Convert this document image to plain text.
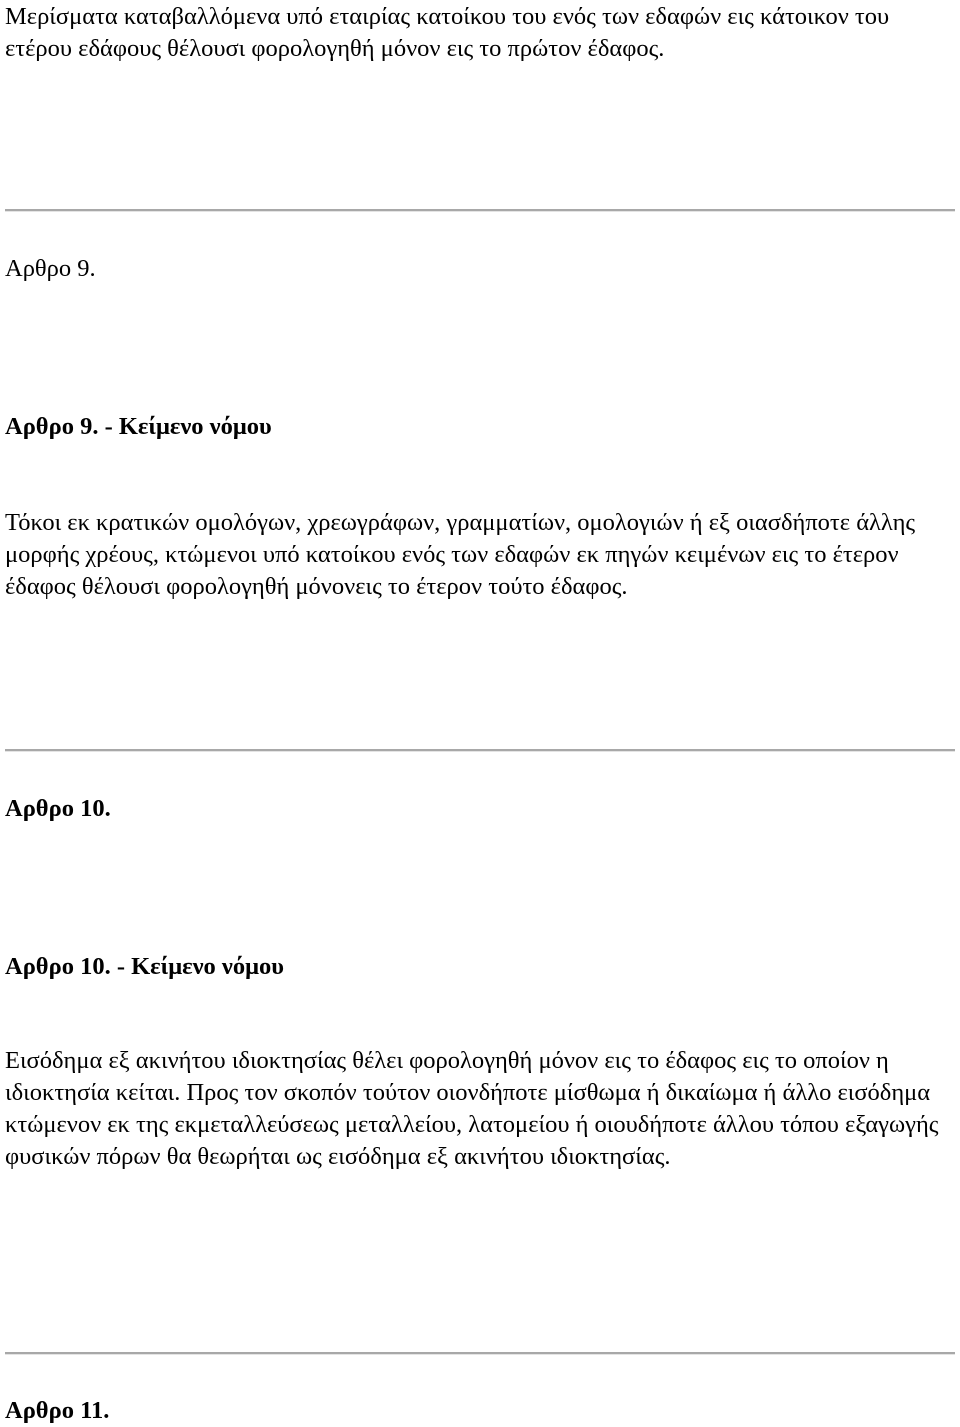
Μερίσματα καταβαλλόμενα υπό εταιρίας κατοίκου του ενός των εδαφών εις κάτοικον του ετέρου εδάφους θέλουσι φορολογηθή μόνον εις το πρώτον έδαφος.

Αρθρο 9.
Αρθρο 9. - Κείμενο νόμου

Τόκοι εκ κρατικών ομολόγων, χρεωγράφων, γραμματίων, ομολογιών ή εξ οιασδήποτε άλλης μορφής χρέους, κτώμενοι υπό κατοίκου ενός των εδαφών εκ πηγών κειμένων εις το έτερον έδαφος θέλουσι φορολογηθή μόνονεις το έτερον τούτο έδαφος.

Αρθρο 10.
Αρθρο 10. - Κείμενο νόμου

Εισόδημα εξ ακινήτου ιδιοκτησίας θέλει φορολογηθή μόνον εις το έδαφος εις το οποίον η ιδιοκτησία κείται. Προς τον σκοπόν τούτον οιονδήποτε μίσθωμα ή δικαίωμα ή άλλο εισόδημα κτώμενον εκ της εκμεταλλεύσεως μεταλλείου, λατομείου ή οιουδήποτε άλλου τόπου εξαγωγής φυσικών πόρων θα θεωρήται ως εισόδημα εξ ακινήτου ιδιοκτησίας.

Αρθρο 11.
